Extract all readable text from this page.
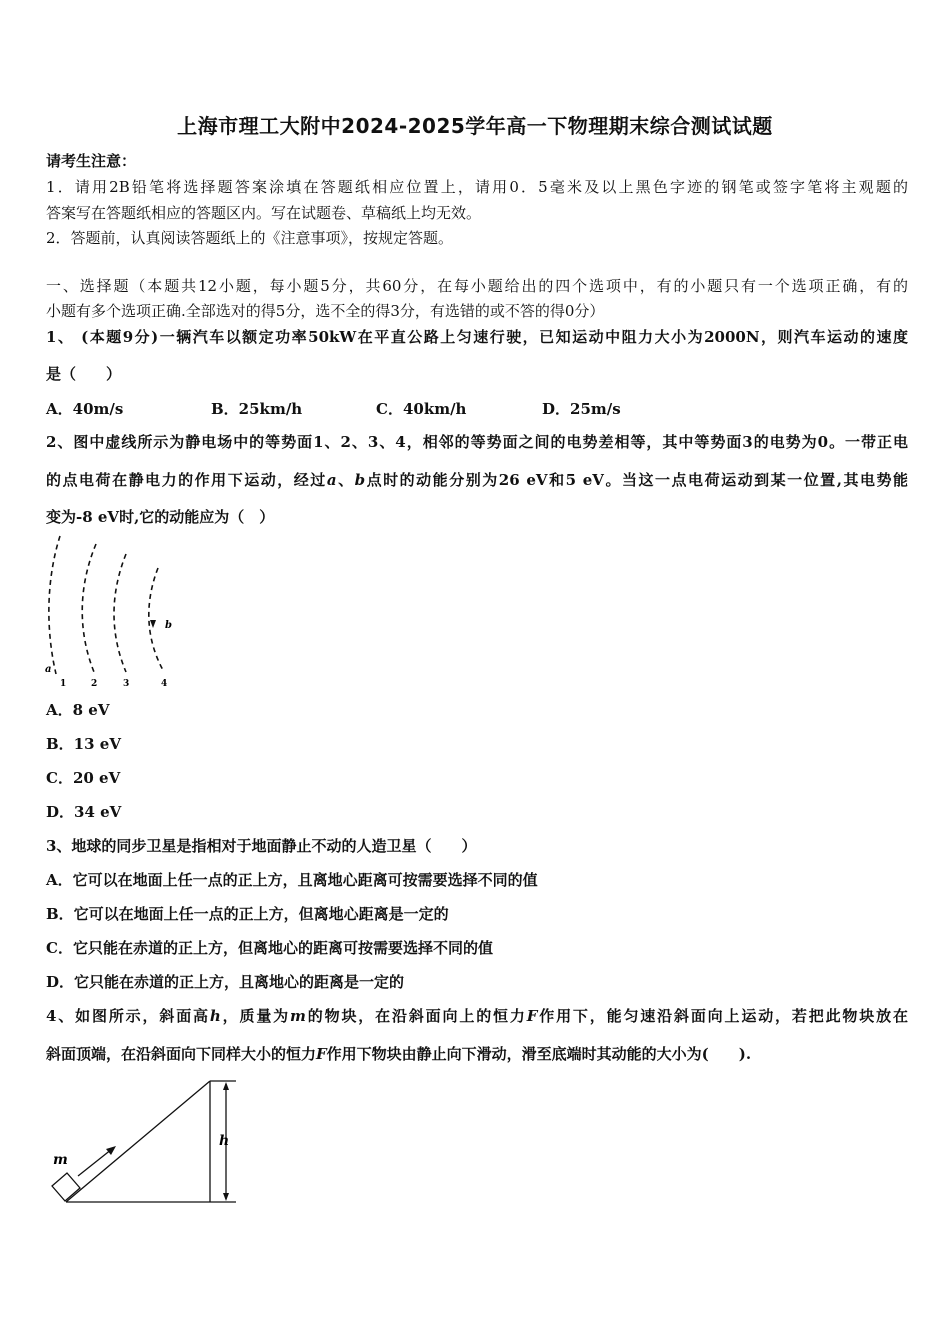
上海市理工大附中2024-2025学年高一下物理期末综合测试试题
请考生注意：
1．请用2B铅笔将选择题答案涂填在答题纸相应位置上，请用0．5毫米及以上黑色字迹的钢笔或签字笔将主观题的
答案写在答题纸相应的答题区内。写在试题卷、草稿纸上均无效。
2．答题前，认真阅读答题纸上的《注意事项》，按规定答题。
一、选择题（本题共12小题，每小题5分，共60分，在每小题给出的四个选项中，有的小题只有一个选项正确，有的
小题有多个选项正确.全部选对的得5分，选不全的得3分，有选错的或不答的得0分）
1、 (本题9分)一辆汽车以额定功率50kW在平直公路上匀速行驶，已知运动中阻力大小为2000N，则汽车运动的速度
是（　　）
A．40m/s	B．25km/h	C．40km/h	D．25m/s
2、图中虚线所示为静电场中的等势面1、2、3、4，相邻的等势面之间的电势差相等，其中等势面3的电势为0。一带正电
的点电荷在静电力的作用下运动，经过a、b点时的动能分别为26 eV和5 eV。当这一点电荷运动到某一位置,其电势能
变为-8 eV时,它的动能应为（　）
a
b
1	2	3	4
A．8 eV
B．13 eV
C．20 eV
D．34 eV
3、地球的同步卫星是指相对于地面静止不动的人造卫星（　　）
A．它可以在地面上任一点的正上方，且离地心距离可按需要选择不同的值
B．它可以在地面上任一点的正上方，但离地心距离是一定的
C．它只能在赤道的正上方，但离地心的距离可按需要选择不同的值
D．它只能在赤道的正上方，且离地心的距离是一定的
4、如图所示，斜面高h，质量为m的物块，在沿斜面向上的恒力F作用下，能匀速沿斜面向上运动，若把此物块放在
斜面顶端，在沿斜面向下同样大小的恒力F作用下物块由静止向下滑动，滑至底端时其动能的大小为(　　).
m
h
